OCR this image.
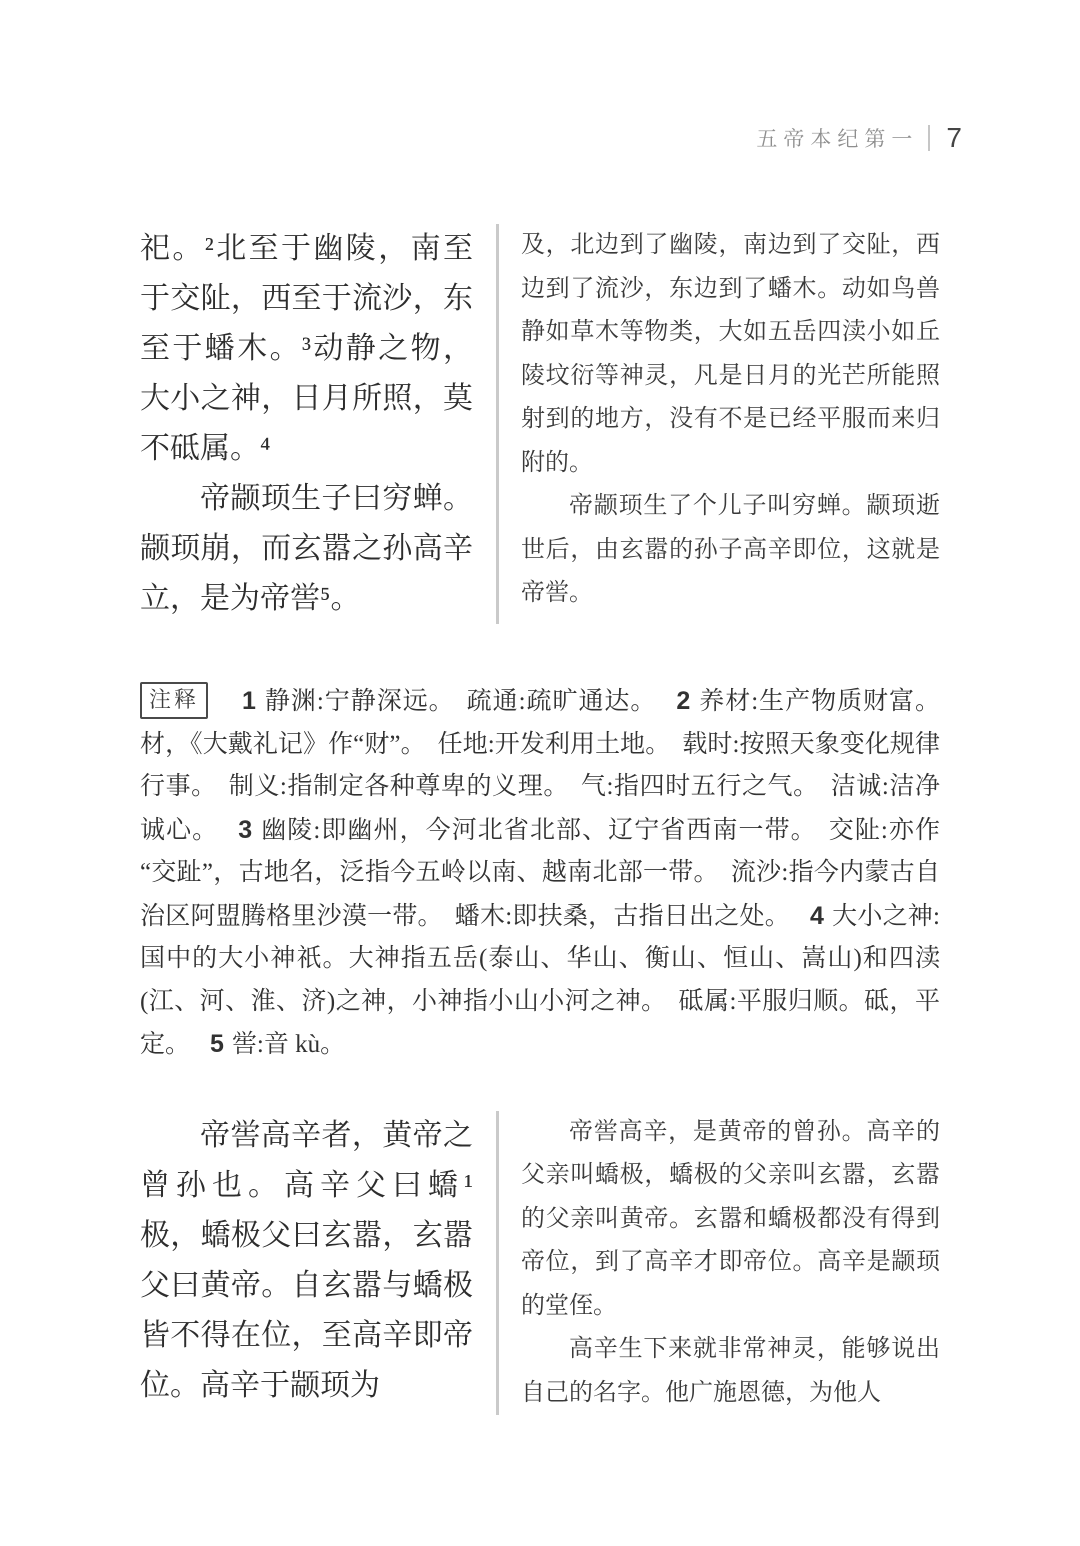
五帝本纪第一 7

祀。²北至于幽陵，南至于交阯，西至于流沙，东至于蟠木。³动静之物，大小之神，日月所照，莫不砥属。⁴

帝颛顼生子曰穷蝉。颛顼崩，而玄嚣之孙高辛立，是为帝喾⁵。

及，北边到了幽陵，南边到了交阯，西边到了流沙，东边到了蟠木。动如鸟兽静如草木等物类，大如五岳四渎小如丘陵坟衍等神灵，凡是日月的光芒所能照射到的地方，没有不是已经平服而来归附的。

帝颛顼生了个儿子叫穷蝉。颛顼逝世后，由玄嚣的孙子高辛即位，这就是帝喾。

注释 1 静渊:宁静深远。 疏通:疏旷通达。 2 养材:生产物质财富。材，《大戴礼记》作“财”。 任地:开发利用土地。 载时:按照天象变化规律行事。 制义:指制定各种尊卑的义理。 气:指四时五行之气。 洁诚:洁净诚心。 3 幽陵:即幽州，今河北省北部、辽宁省西南一带。 交阯:亦作“交趾”，古地名，泛指今五岭以南、越南北部一带。 流沙:指今内蒙古自治区阿盟腾格里沙漠一带。 蟠木:即扶桑，古指日出之处。 4 大小之神:国中的大小神祇。大神指五岳(泰山、华山、衡山、恒山、嵩山)和四渎(江、河、淮、济)之神，小神指小山小河之神。 砥属:平服归顺。砥，平定。 5 喾:音 kù。

帝喾高辛者，黄帝之曾孙也。高辛父曰蟜¹极，蟜极父曰玄嚣，玄嚣父曰黄帝。自玄嚣与蟜极皆不得在位，至高辛即帝位。高辛于颛顼为

帝喾高辛，是黄帝的曾孙。高辛的父亲叫蟜极，蟜极的父亲叫玄嚣，玄嚣的父亲叫黄帝。玄嚣和蟜极都没有得到帝位，到了高辛才即帝位。高辛是颛顼的堂侄。

高辛生下来就非常神灵，能够说出自己的名字。他广施恩德，为他人
